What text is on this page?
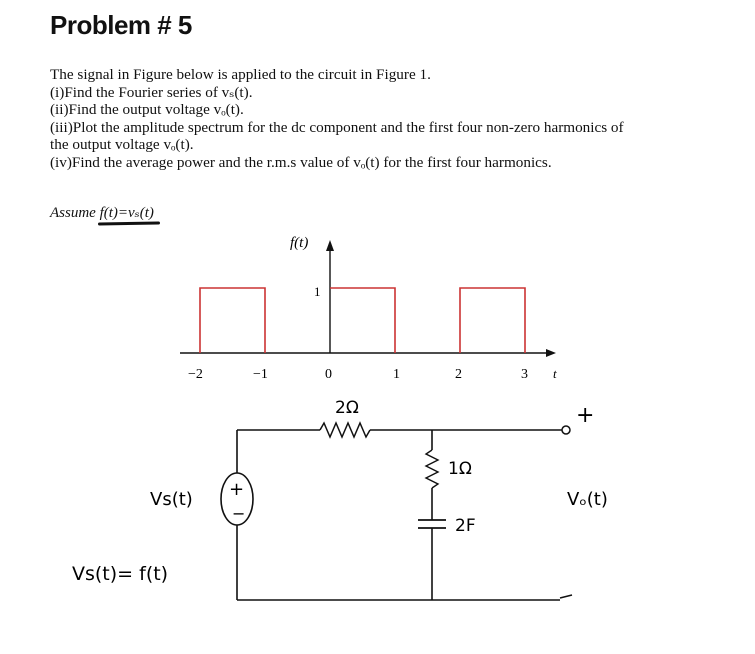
Problem # 5
The signal in Figure below is applied to the circuit in Figure 1.
(i)Find the Fourier series of vₛ(t).
(ii)Find the output voltage vₒ(t).
(iii)Plot the amplitude spectrum for the dc component and the first four non-zero harmonics of
the output voltage vₒ(t).
(iv)Find the average power and the r.m.s value of vₒ(t) for the first four harmonics.
Assume f(t)=vₛ(t)
f(t)
1
t
−2	−1	0	1	2	3
+
−
2Ω	+
1Ω
2F
Vₒ(t)
Vs(t)
Vs(t)= f(t)
